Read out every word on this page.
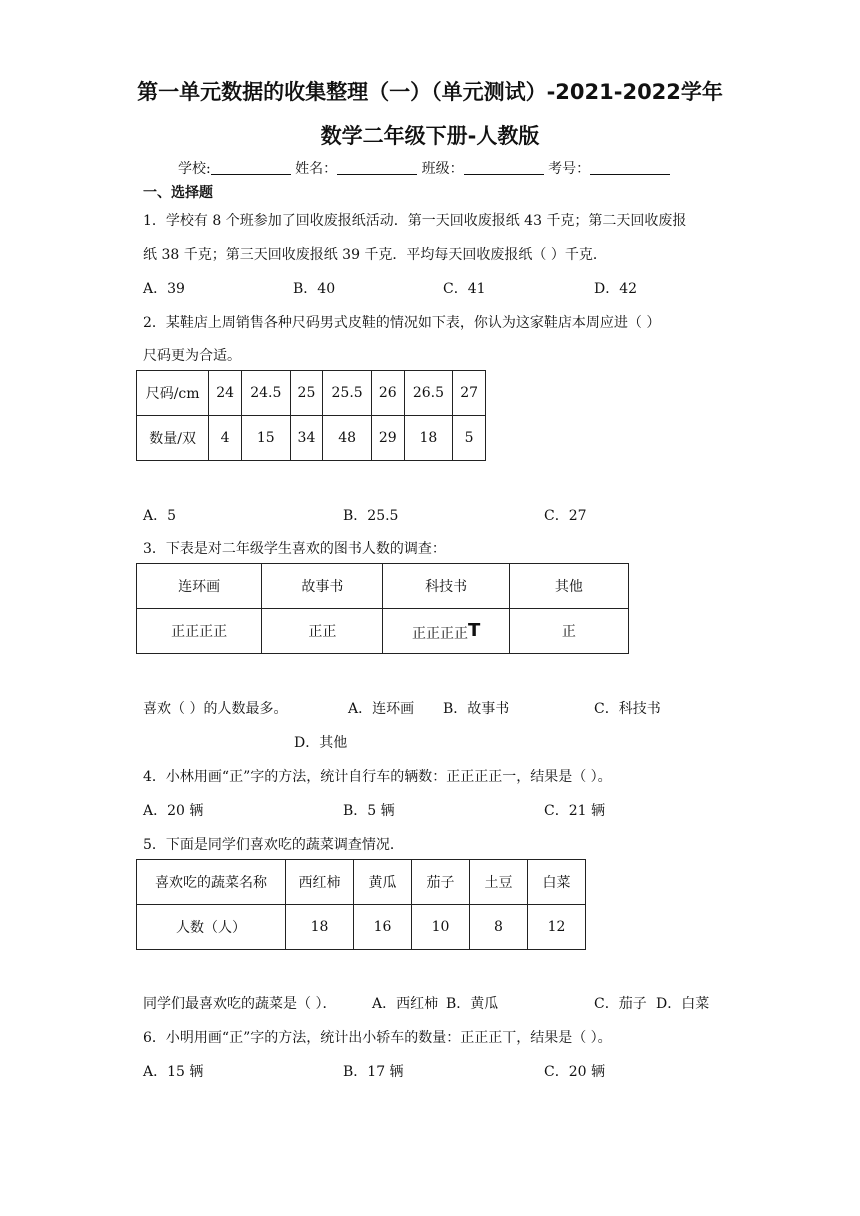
第一单元数据的收集整理（一）（单元测试）-2021-2022学年
数学二年级下册-人教版
学校:	姓名：	班级：	考号：
一、选择题
1．学校有 8 个班参加了回收废报纸活动．第一天回收废报纸 43 千克；第二天回收废报
纸 38 千克；第三天回收废报纸 39 千克．平均每天回收废报纸（ ）千克．
A．39	B．40	C．41	D．42
2．某鞋店上周销售各种尺码男式皮鞋的情况如下表，你认为这家鞋店本周应进（ ）
尺码更为合适。
尺码/cm	24	24.5	25	25.5	26	26.5	27
数量/双	4	15	34	48	29	18	5
A．5	B．25.5	C．27
3．下表是对二年级学生喜欢的图书人数的调查：
连环画	故事书	科技书	其他
正正正正	正正	正正正正T	正
喜欢（ ）的人数最多。	A．连环画 B．故事书	C．科技书
D．其他
4．小林用画“正”字的方法，统计自行车的辆数：正正正正一，结果是（ ）。
A．20 辆	B．5 辆	C．21 辆
5．下面是同学们喜欢吃的蔬菜调查情况．
喜欢吃的蔬菜名称	西红柿	黄瓜	茄子	土豆	白菜
人数（人）	18	16	10	8	12
同学们最喜欢吃的蔬菜是（ ）．	A．西红柿 B．黄瓜	C．茄子 D．白菜
6．小明用画“正”字的方法，统计出小轿车的数量：正正正丅，结果是（ ）。
A．15 辆	B．17 辆	C．20 辆
